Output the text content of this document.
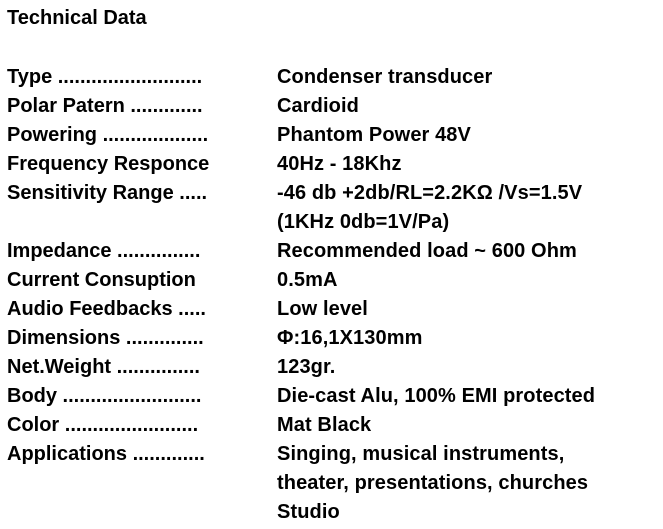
Technical Data
Type ..........................	Condenser transducer
Polar Patern .............	Cardioid
Powering ...................	Phantom Power 48V
Frequency Responce	40Hz - 18Khz
Sensitivity Range .....	-46 db +2db/RL=2.2KΩ /Vs=1.5V
(1KHz 0db=1V/Pa)
Impedance ...............	Recommended load ~ 600 Ohm
Current Consuption	0.5mA
Audio Feedbacks .....	Low level
Dimensions ..............	Φ:16,1X130mm
Net.Weight ...............	123gr.
Body .........................	Die-cast Alu, 100% EMI protected
Color ........................	Mat Black
Applications .............	Singing, musical instruments,
theater, presentations, churches
Studio
